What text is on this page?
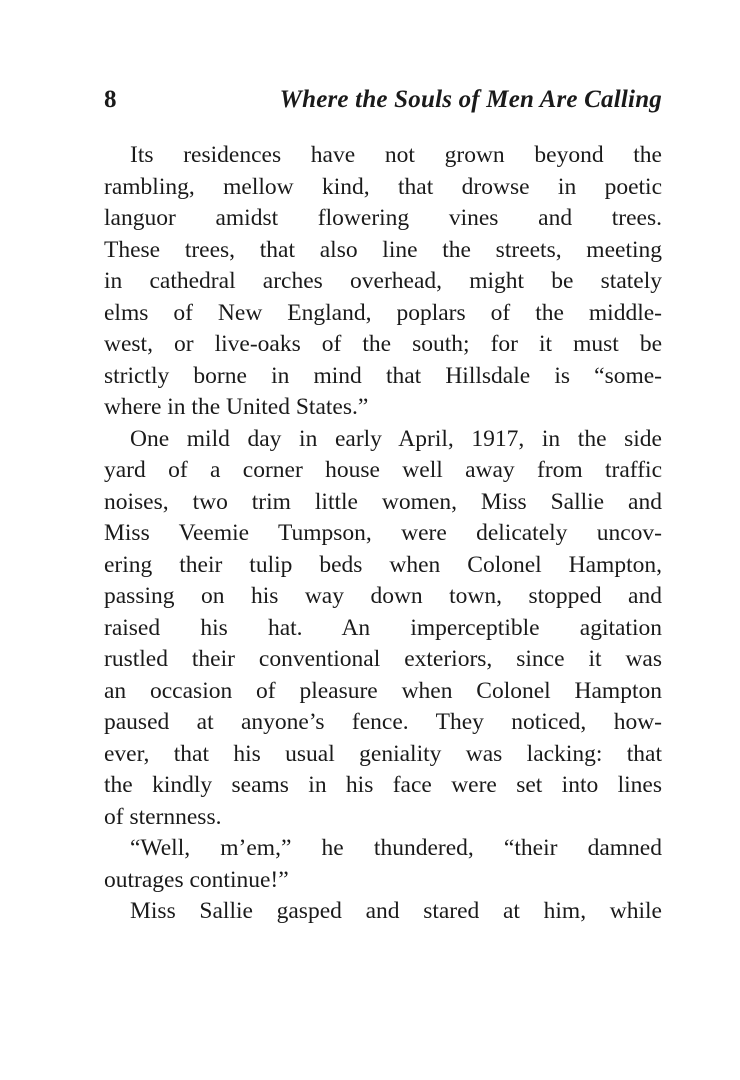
8	Where the Souls of Men Are Calling
Its residences have not grown beyond the
rambling, mellow kind, that drowse in poetic
languor amidst flowering vines and trees.
These trees, that also line the streets, meeting
in cathedral arches overhead, might be stately
elms of New England, poplars of the middle-
west, or live-oaks of the south; for it must be
strictly borne in mind that Hillsdale is “some-
where in the United States.”
One mild day in early April, 1917, in the side
yard of a corner house well away from traffic
noises, two trim little women, Miss Sallie and
Miss Veemie Tumpson, were delicately uncov-
ering their tulip beds when Colonel Hampton,
passing on his way down town, stopped and
raised his hat. An imperceptible agitation
rustled their conventional exteriors, since it was
an occasion of pleasure when Colonel Hampton
paused at anyone’s fence. They noticed, how-
ever, that his usual geniality was lacking: that
the kindly seams in his face were set into lines
of sternness.
“Well, m’em,” he thundered, “their damned
outrages continue!”
Miss Sallie gasped and stared at him, while
